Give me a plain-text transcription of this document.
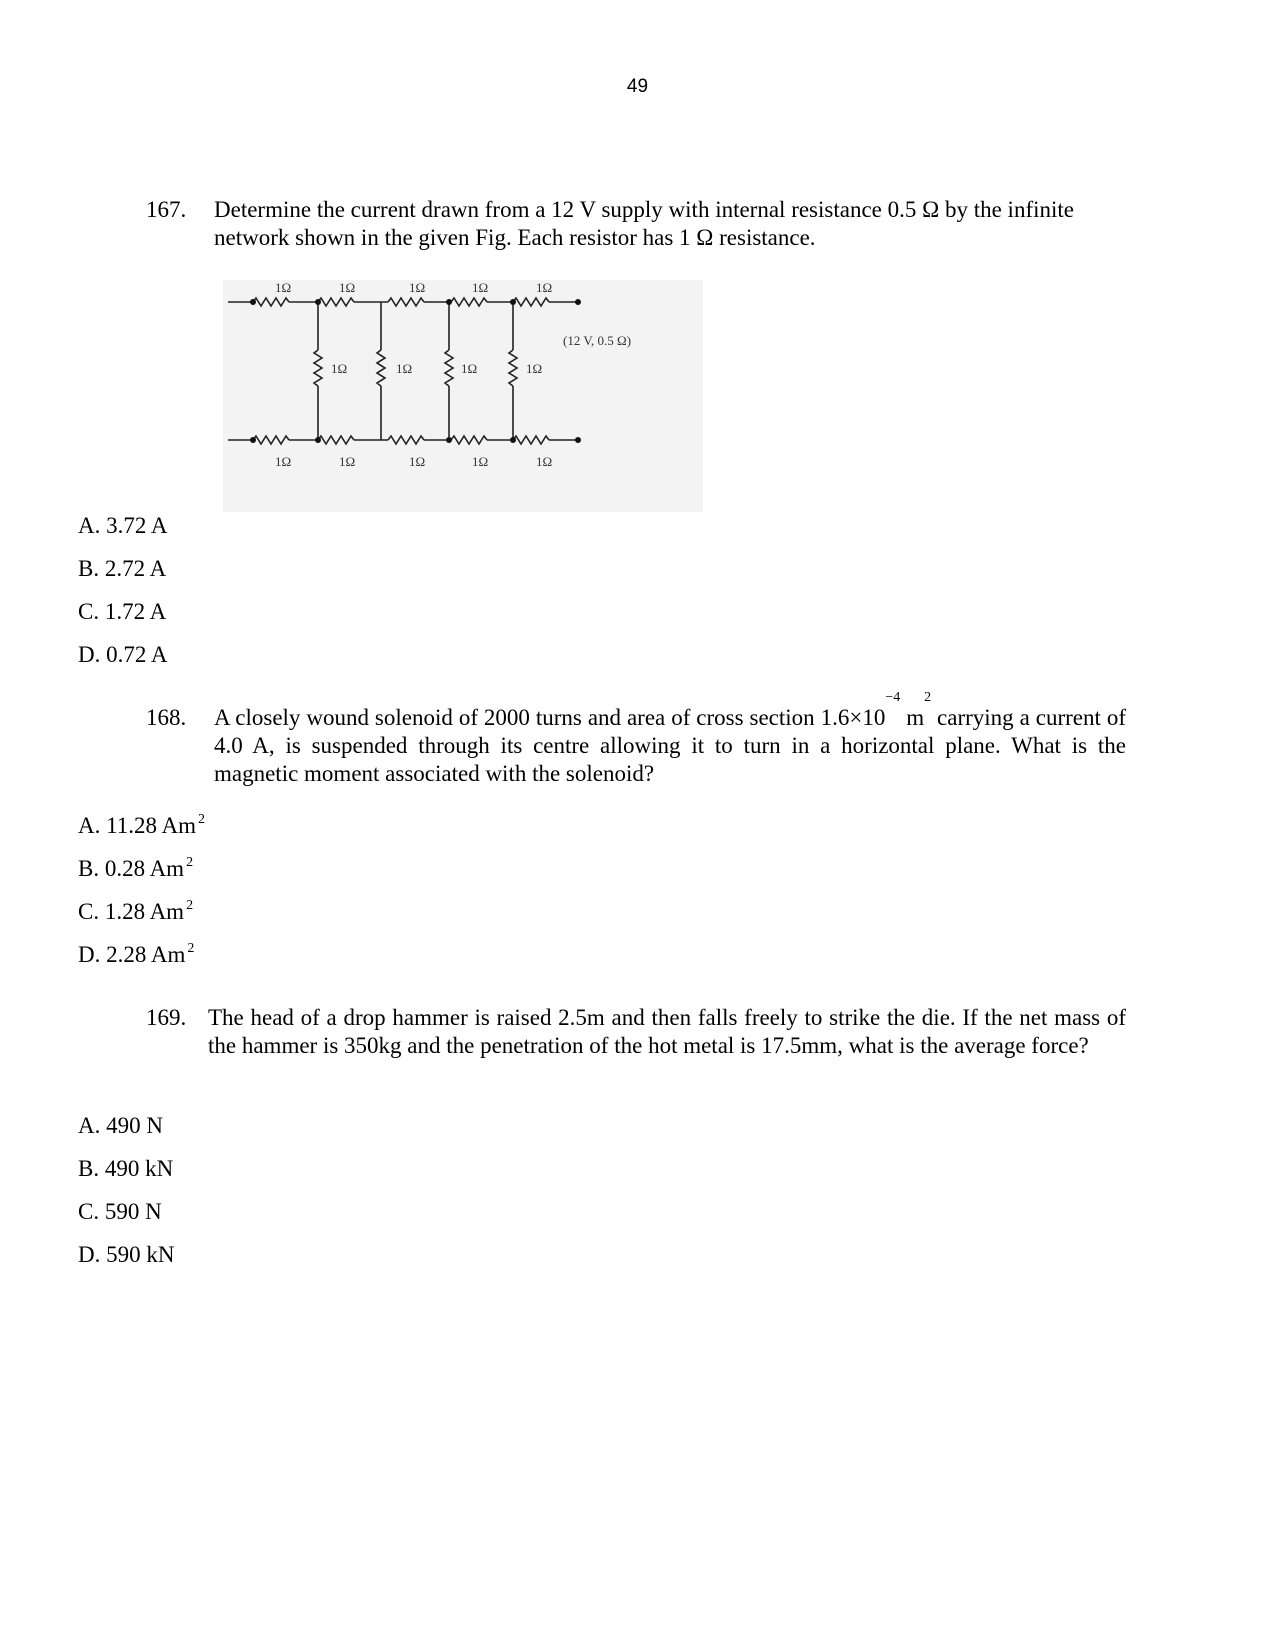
49
167. Determine the current drawn from a 12 V supply with internal resistance 0.5 Ω by the infinite network shown in the given Fig. Each resistor has 1 Ω resistance.
1Ω	1Ω	1Ω	1Ω	1Ω
1Ω	1Ω	1Ω	1Ω
1Ω	1Ω	1Ω	1Ω	1Ω
(12 V, 0.5 Ω)
A. 3.72 A
B. 2.72 A
C. 1.72 A
D. 0.72 A
168. A closely wound solenoid of 2000 turns and area of cross section $1.6\times 10^{-4}$ $m^2$ carrying a current of 4.0 A, is suspended through its centre allowing it to turn in a horizontal plane. What is the magnetic moment associated with the solenoid?
A. 11.28 Am $^2$
B. 0.28 Am $^2$
C. 1.28 Am $^2$
D. 2.28 Am $^2$
169. The head of a drop hammer is raised 2.5m and then falls freely to strike the die. If the net mass of the hammer is 350kg and the penetration of the hot metal is 17.5mm, what is the average force?
A. 490 N
B. 490 kN
C. 590 N
D. 590 kN
